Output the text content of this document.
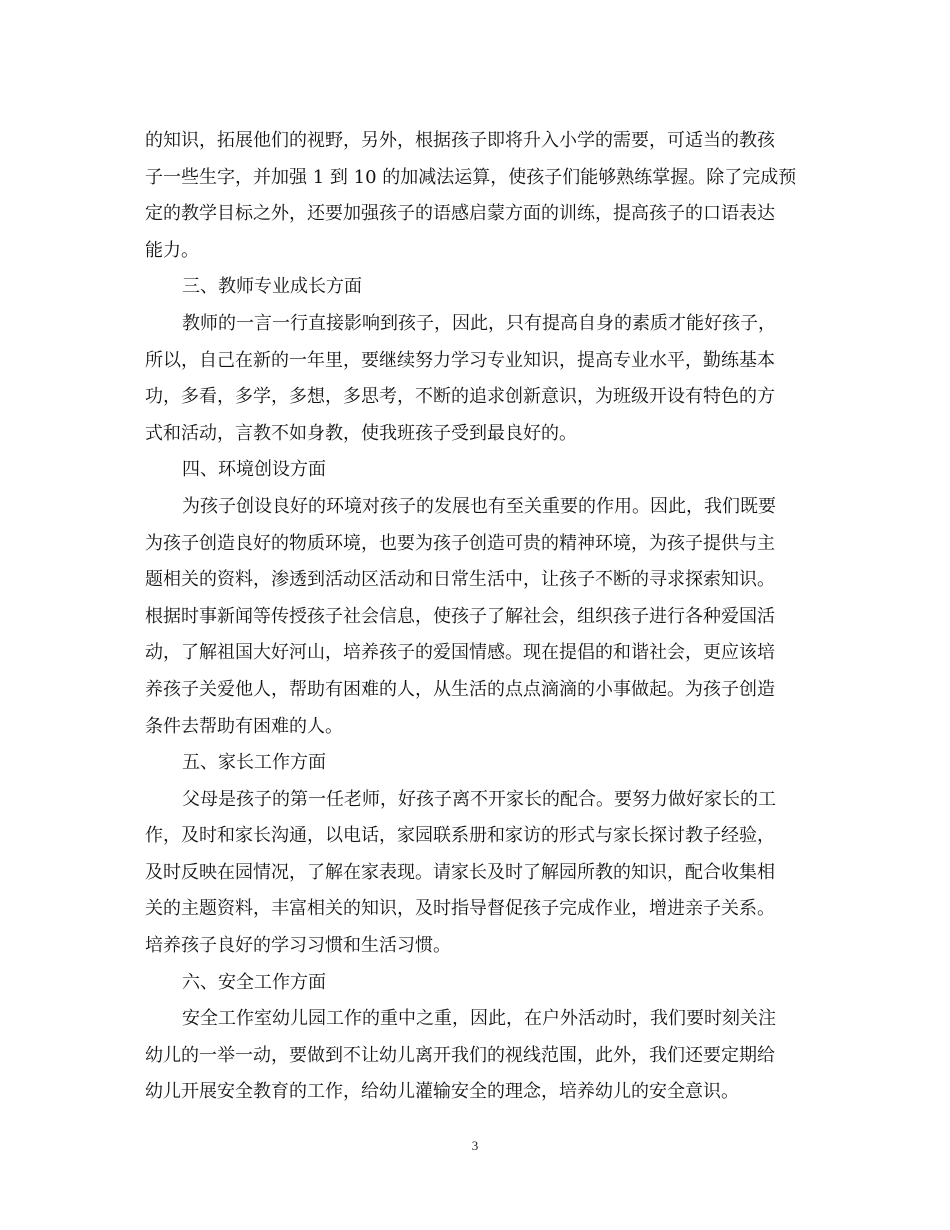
的知识，拓展他们的视野，另外，根据孩子即将升入小学的需要，可适当的教孩
子一些生字，并加强 1 到 10 的加减法运算，使孩子们能够熟练掌握。除了完成预
定的教学目标之外，还要加强孩子的语感启蒙方面的训练，提高孩子的口语表达
能力。
三、教师专业成长方面
教师的一言一行直接影响到孩子，因此，只有提高自身的素质才能好孩子，
所以，自己在新的一年里，要继续努力学习专业知识，提高专业水平，勤练基本
功，多看，多学，多想，多思考，不断的追求创新意识，为班级开设有特色的方
式和活动，言教不如身教，使我班孩子受到最良好的。
四、环境创设方面
为孩子创设良好的环境对孩子的发展也有至关重要的作用。因此，我们既要
为孩子创造良好的物质环境，也要为孩子创造可贵的精神环境，为孩子提供与主
题相关的资料，渗透到活动区活动和日常生活中，让孩子不断的寻求探索知识。
根据时事新闻等传授孩子社会信息，使孩子了解社会，组织孩子进行各种爱国活
动，了解祖国大好河山，培养孩子的爱国情感。现在提倡的和谐社会，更应该培
养孩子关爱他人，帮助有困难的人，从生活的点点滴滴的小事做起。为孩子创造
条件去帮助有困难的人。
五、家长工作方面
父母是孩子的第一任老师，好孩子离不开家长的配合。要努力做好家长的工
作，及时和家长沟通，以电话，家园联系册和家访的形式与家长探讨教子经验，
及时反映在园情况，了解在家表现。请家长及时了解园所教的知识，配合收集相
关的主题资料，丰富相关的知识，及时指导督促孩子完成作业，增进亲子关系。
培养孩子良好的学习习惯和生活习惯。
六、安全工作方面
安全工作室幼儿园工作的重中之重，因此，在户外活动时，我们要时刻关注
幼儿的一举一动，要做到不让幼儿离开我们的视线范围，此外，我们还要定期给
幼儿开展安全教育的工作，给幼儿灌输安全的理念，培养幼儿的安全意识。
3
